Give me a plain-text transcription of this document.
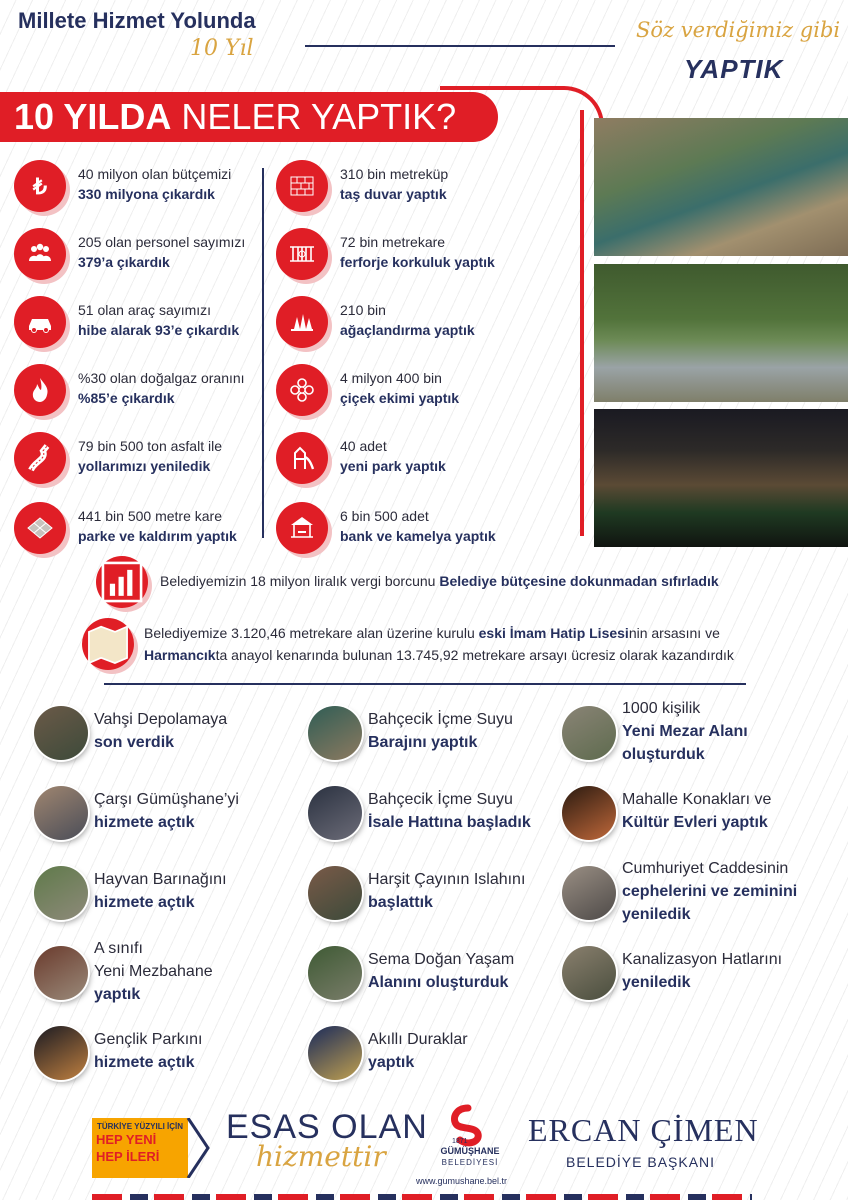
Millete Hizmet Yolunda
10 Yıl
Söz verdiğimiz gibi
YAPTIK
10 YILDA NELER YAPTIK?
Belediyemizin 18 milyon liralık vergi borcunu Belediye bütçesine dokunmadan sıfırladık
Belediyemize 3.120,46 metrekare alan üzerine kurulu eski İmam Hatip Lisesinin arsasını ve
Harmancıkta anayol kenarında bulunan 13.745,92 metrekare arsayı ücresiz olarak kazandırdık
TÜRKİYE YÜZYILI İÇİN
HEP YENİ
HEP İLERİ
ESAS OLAN
hizmettir	1871
GÜMÜŞHANE
BELEDİYESİ
www.gumushane.bel.tr
ERCAN ÇİMEN
BELEDİYE BAŞKANI
₺ 40 milyon olan bütçemizi
330 milyona çıkardık
205 olan personel sayımızı
379’a çıkardık
51 olan araç sayımızı
hibe alarak 93’e çıkardık
%30 olan doğalgaz oranını
%85’e çıkardık
79 bin 500 ton asfalt ile
yollarımızı yeniledik
441 bin 500 metre kare
parke ve kaldırım yaptık
310 bin metreküp
taş duvar yaptık
72 bin metrekare
ferforje korkuluk yaptık
210 bin
ağaçlandırma yaptık
4 milyon 400 bin
çiçek ekimi yaptık
40 adet
yeni park yaptık
6 bin 500 adet
bank ve kamelya yaptık
Vahşi Depolamaya
son verdik
Bahçecik İçme Suyu
Barajını yaptık
1000 kişilik
Yeni Mezar Alanı
oluşturduk
Çarşı Gümüşhane’yi
hizmete açtık
Bahçecik İçme Suyu
İsale Hattına başladık
Mahalle Konakları ve
Kültür Evleri yaptık
Hayvan Barınağını
hizmete açtık
Harşit Çayının Islahını
başlattık
Cumhuriyet Caddesinin
cephelerini ve zeminini
yeniledik
A sınıfı
Yeni Mezbahane
yaptık
Sema Doğan Yaşam
Alanını oluşturduk
Kanalizasyon Hatlarını
yeniledik
Gençlik Parkını
hizmete açtık
Akıllı Duraklar
yaptık
